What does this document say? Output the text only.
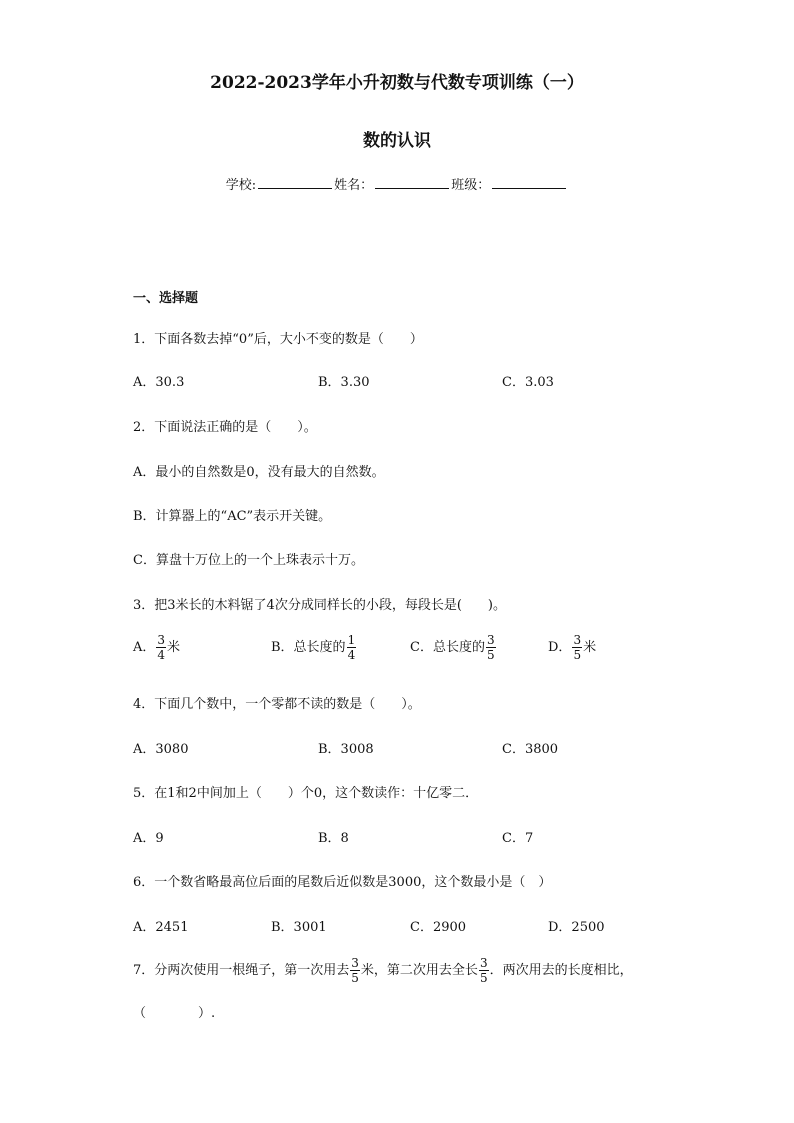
2022-2023学年小升初数与代数专项训练（一）
数的认识
学校:	姓名：	班级：
一、选择题
1．下面各数去掉“0”后，大小不变的数是（　　）
A．30.3	B．3.30	C．3.03
2．下面说法正确的是（　　）。
A．最小的自然数是0，没有最大的自然数。
B．计算器上的“AC”表示开关键。
C．算盘十万位上的一个上珠表示十万。
3．把3米长的木料锯了4次分成同样长的小段，每段长是(　　)。
A． $\frac{3}{4}$ 米	B．总长度的 $\frac{1}{4}$	C．总长度的 $\frac{3}{5}$	D． $\frac{3}{5}$ 米
4．下面几个数中，一个零都不读的数是（　　）。
A．3080	B．3008	C．3800
5．在1和2中间加上（　　）个0，这个数读作：十亿零二．
A．9	B．8	C．7
6．一个数省略最高位后面的尾数后近似数是3000，这个数最小是（　）
A．2451	B．3001	C．2900	D．2500
7．分两次使用一根绳子，第一次用去 $\frac{3}{5}$ 米，第二次用去全长 $\frac{3}{5}$ ．两次用去的长度相比，
（　　　　）.
